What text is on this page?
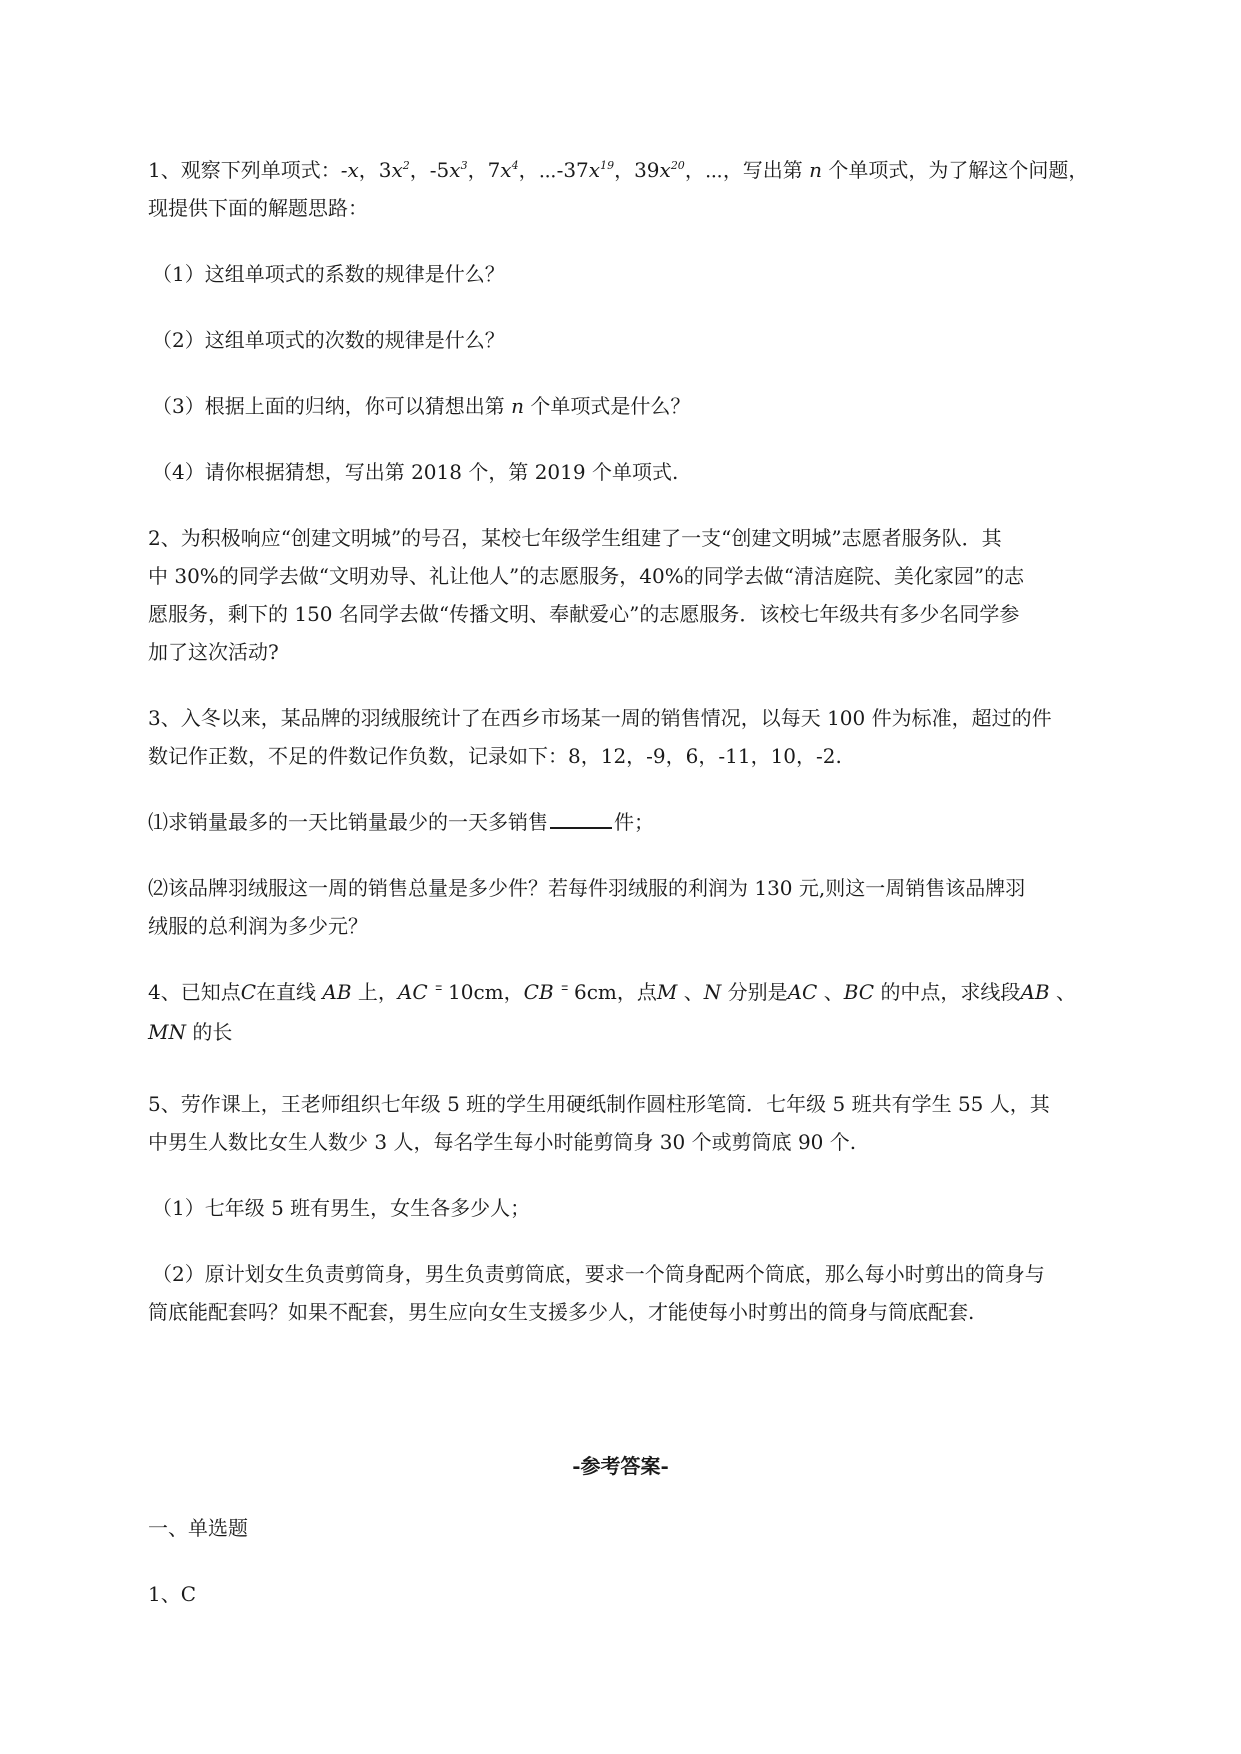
1、观察下列单项式：-x，$3x^2$，$-5x^3$，$7x^4$，$\cdots-37x^{19}$，$39x^{20}$，⋯，写出第 n 个单项式，为了解这个问题，
现提供下面的解题思路：
（1）这组单项式的系数的规律是什么？
（2）这组单项式的次数的规律是什么？
（3）根据上面的归纳，你可以猜想出第 n 个单项式是什么？
（4）请你根据猜想，写出第 2018 个，第 2019 个单项式.
2、为积极响应“创建文明城”的号召，某校七年级学生组建了一支“创建文明城”志愿者服务队．其
中 30%的同学去做“文明劝导、礼让他人”的志愿服务，40%的同学去做“清洁庭院、美化家园”的志
愿服务，剩下的 150 名同学去做“传播文明、奉献爱心”的志愿服务．该校七年级共有多少名同学参
加了这次活动?
3、入冬以来，某品牌的羽绒服统计了在西乡市场某一周的销售情况，以每天 100 件为标准，超过的件
数记作正数，不足的件数记作负数，记录如下：8，12，-9，6，-11，10，-2.
⑴求销量最多的一天比销量最少的一天多销售	件；
⑵该品牌羽绒服这一周的销售总量是多少件？若每件羽绒服的利润为 130 元,则这一周销售该品牌羽
绒服的总利润为多少元？
4、已知点C在直线 AB 上，AC ꘌ 10cm，CB ꘌ 6cm，点M 、N 分别是AC 、BC 的中点，求线段AB 、
MN 的长
5、劳作课上，王老师组织七年级 5 班的学生用硬纸制作圆柱形笔筒．七年级 5 班共有学生 55 人，其
中男生人数比女生人数少 3 人，每名学生每小时能剪筒身 30 个或剪筒底 90 个.
（1）七年级 5 班有男生，女生各多少人；
（2）原计划女生负责剪筒身，男生负责剪筒底，要求一个筒身配两个筒底，那么每小时剪出的筒身与
筒底能配套吗？如果不配套，男生应向女生支援多少人，才能使每小时剪出的筒身与筒底配套.
-参考答案-
一、单选题
1、C
